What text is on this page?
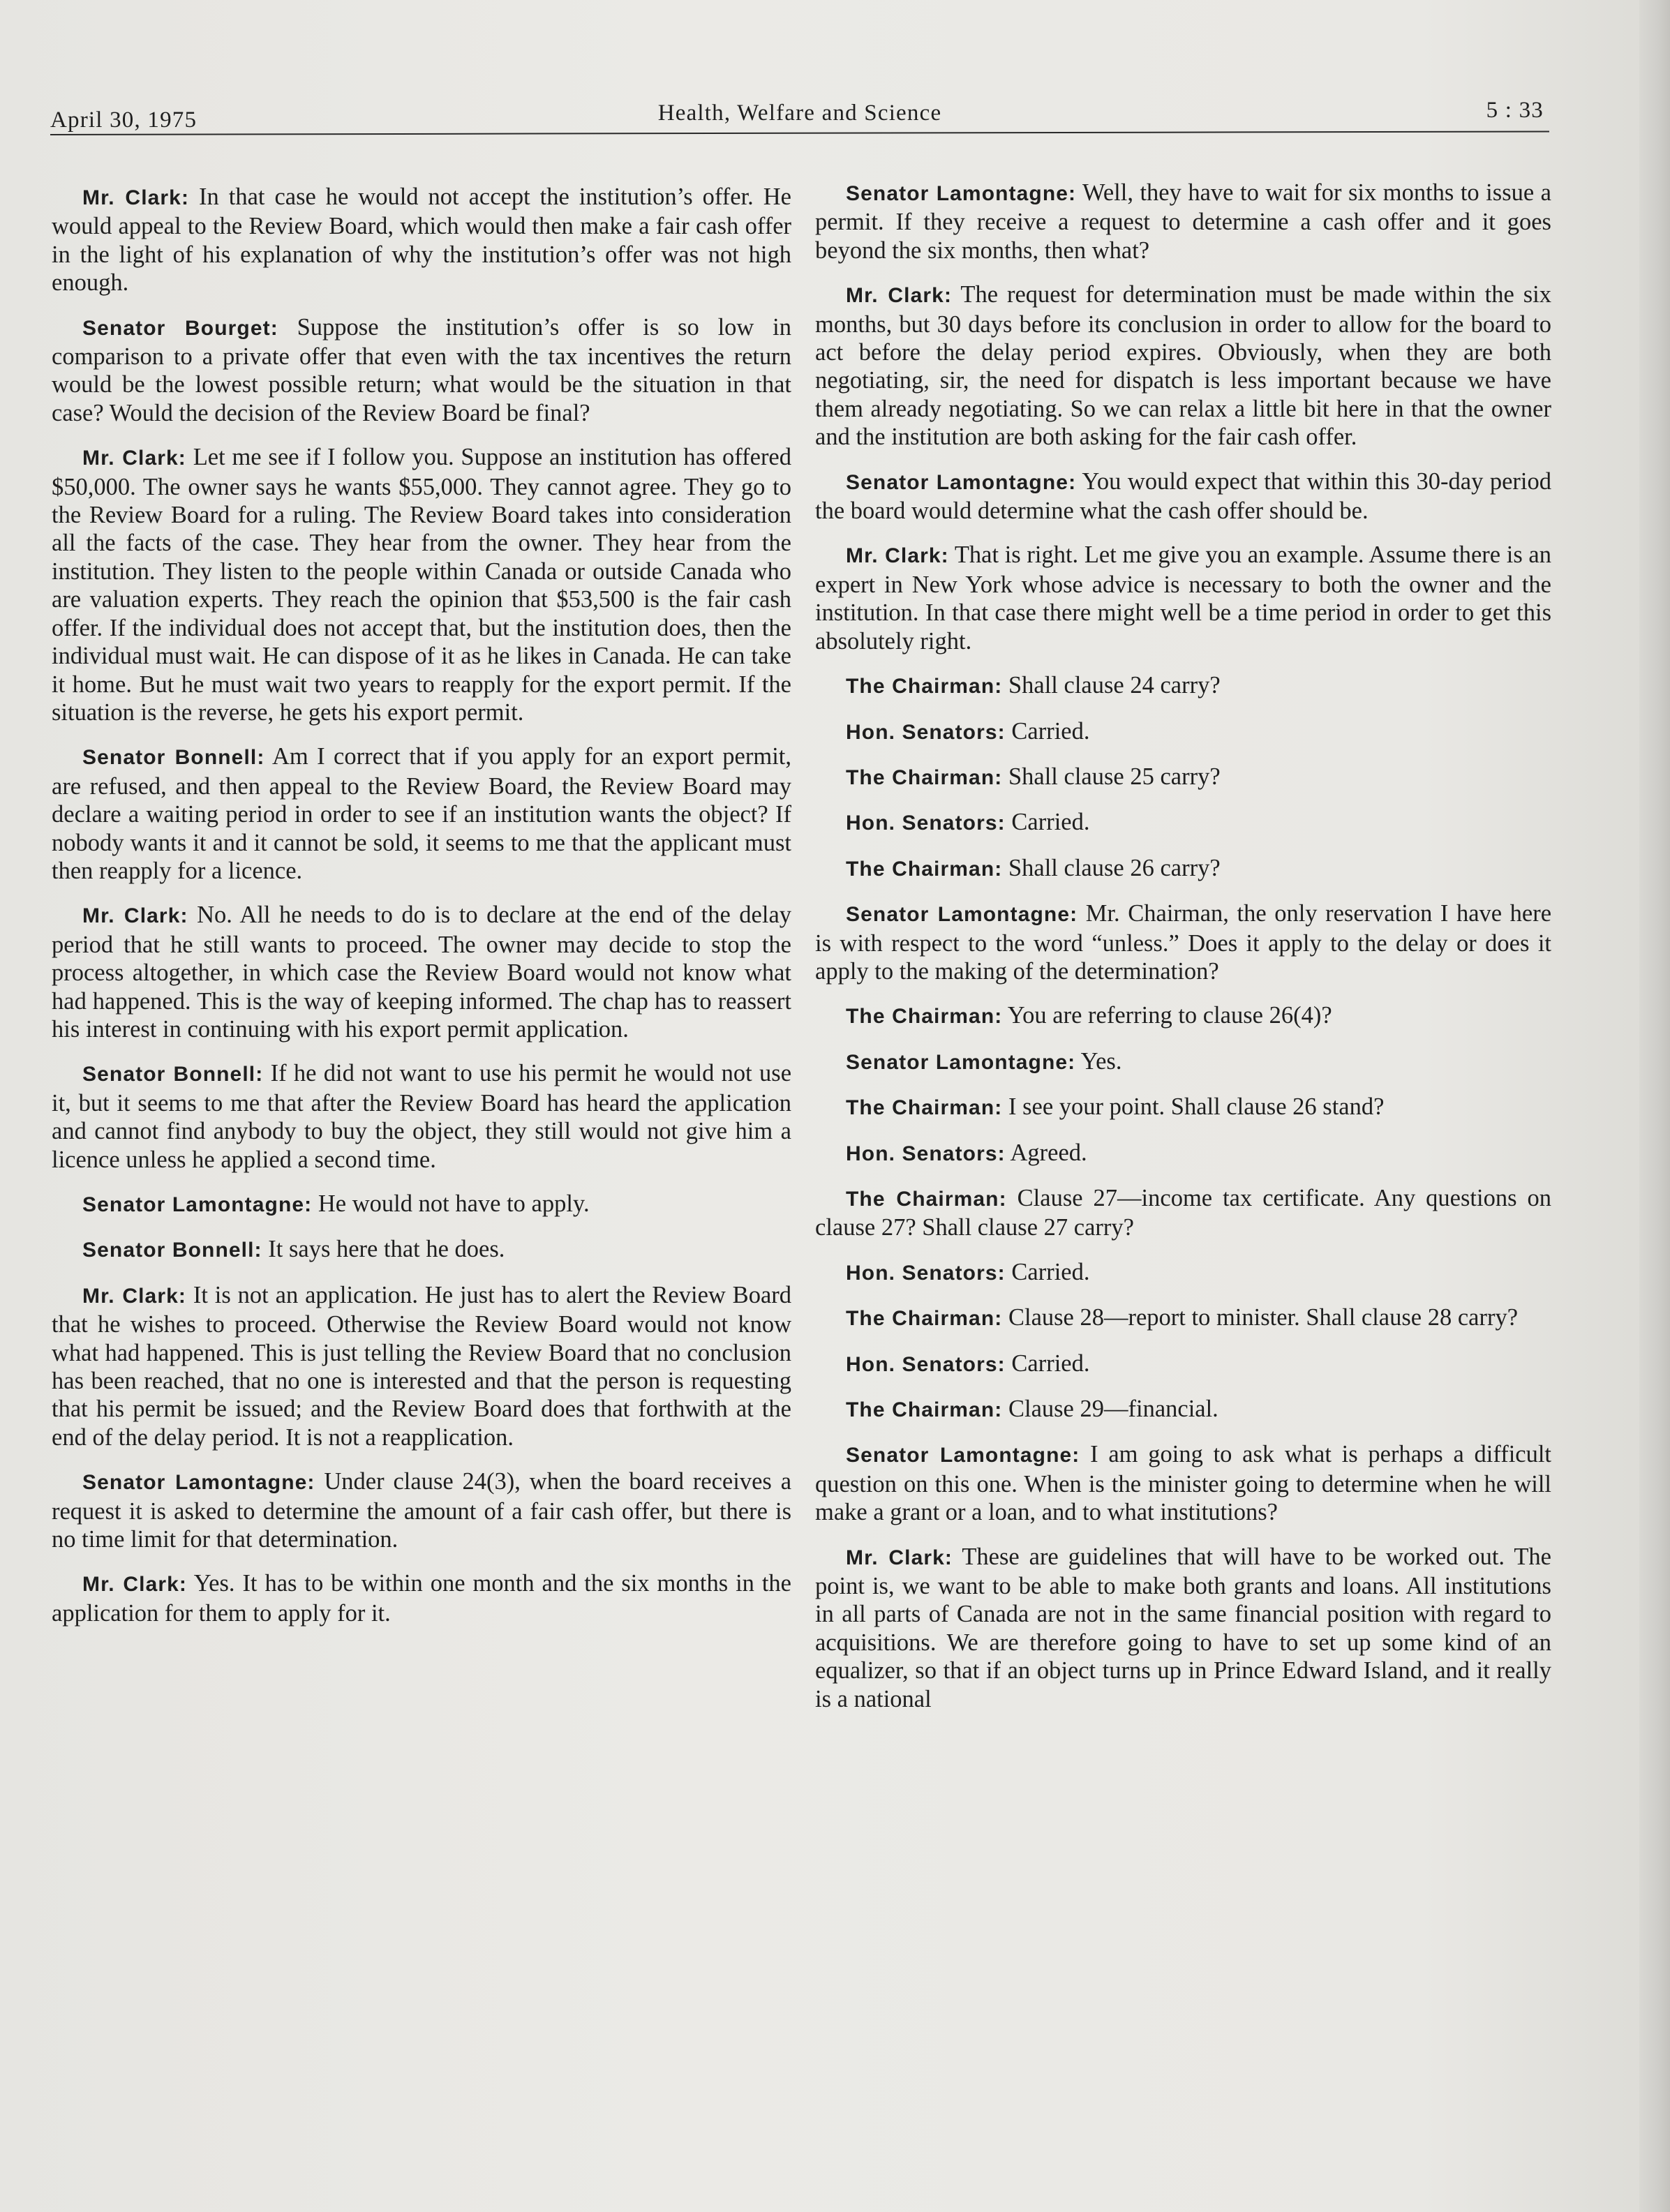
April 30, 1975	Health, Welfare and Science	5 : 33

Mr. Clark: In that case he would not accept the institution’s offer. He would appeal to the Review Board, which would then make a fair cash offer in the light of his explanation of why the institution’s offer was not high enough.

Senator Bourget: Suppose the institution’s offer is so low in comparison to a private offer that even with the tax incentives the return would be the lowest possible return; what would be the situation in that case? Would the decision of the Review Board be final?

Mr. Clark: Let me see if I follow you. Suppose an institution has offered $50,000. The owner says he wants $55,000. They cannot agree. They go to the Review Board for a ruling. The Review Board takes into consideration all the facts of the case. They hear from the owner. They hear from the institution. They listen to the people within Canada or outside Canada who are valuation experts. They reach the opinion that $53,500 is the fair cash offer. If the individual does not accept that, but the institution does, then the individual must wait. He can dispose of it as he likes in Canada. He can take it home. But he must wait two years to reapply for the export permit. If the situation is the reverse, he gets his export permit.

Senator Bonnell: Am I correct that if you apply for an export permit, are refused, and then appeal to the Review Board, the Review Board may declare a waiting period in order to see if an institution wants the object? If nobody wants it and it cannot be sold, it seems to me that the applicant must then reapply for a licence.

Mr. Clark: No. All he needs to do is to declare at the end of the delay period that he still wants to proceed. The owner may decide to stop the process altogether, in which case the Review Board would not know what had happened. This is the way of keeping informed. The chap has to reassert his interest in continuing with his export permit application.

Senator Bonnell: If he did not want to use his permit he would not use it, but it seems to me that after the Review Board has heard the application and cannot find anybody to buy the object, they still would not give him a licence unless he applied a second time.

Senator Lamontagne: He would not have to apply.

Senator Bonnell: It says here that he does.

Mr. Clark: It is not an application. He just has to alert the Review Board that he wishes to proceed. Otherwise the Review Board would not know what had happened. This is just telling the Review Board that no conclusion has been reached, that no one is interested and that the person is requesting that his permit be issued; and the Review Board does that forthwith at the end of the delay period. It is not a reapplication.

Senator Lamontagne: Under clause 24(3), when the board receives a request it is asked to determine the amount of a fair cash offer, but there is no time limit for that determination.

Mr. Clark: Yes. It has to be within one month and the six months in the application for them to apply for it.

Senator Lamontagne: Well, they have to wait for six months to issue a permit. If they receive a request to determine a cash offer and it goes beyond the six months, then what?

Mr. Clark: The request for determination must be made within the six months, but 30 days before its conclusion in order to allow for the board to act before the delay period expires. Obviously, when they are both negotiating, sir, the need for dispatch is less important because we have them already negotiating. So we can relax a little bit here in that the owner and the institution are both asking for the fair cash offer.

Senator Lamontagne: You would expect that within this 30-day period the board would determine what the cash offer should be.

Mr. Clark: That is right. Let me give you an example. Assume there is an expert in New York whose advice is necessary to both the owner and the institution. In that case there might well be a time period in order to get this absolutely right.

The Chairman: Shall clause 24 carry?

Hon. Senators: Carried.

The Chairman: Shall clause 25 carry?

Hon. Senators: Carried.

The Chairman: Shall clause 26 carry?

Senator Lamontagne: Mr. Chairman, the only reservation I have here is with respect to the word “unless.” Does it apply to the delay or does it apply to the making of the determination?

The Chairman: You are referring to clause 26(4)?

Senator Lamontagne: Yes.

The Chairman: I see your point. Shall clause 26 stand?

Hon. Senators: Agreed.

The Chairman: Clause 27—income tax certificate. Any questions on clause 27? Shall clause 27 carry?

Hon. Senators: Carried.

The Chairman: Clause 28—report to minister. Shall clause 28 carry?

Hon. Senators: Carried.

The Chairman: Clause 29—financial.

Senator Lamontagne: I am going to ask what is perhaps a difficult question on this one. When is the minister going to determine when he will make a grant or a loan, and to what institutions?

Mr. Clark: These are guidelines that will have to be worked out. The point is, we want to be able to make both grants and loans. All institutions in all parts of Canada are not in the same financial position with regard to acquisitions. We are therefore going to have to set up some kind of an equalizer, so that if an object turns up in Prince Edward Island, and it really is a national
